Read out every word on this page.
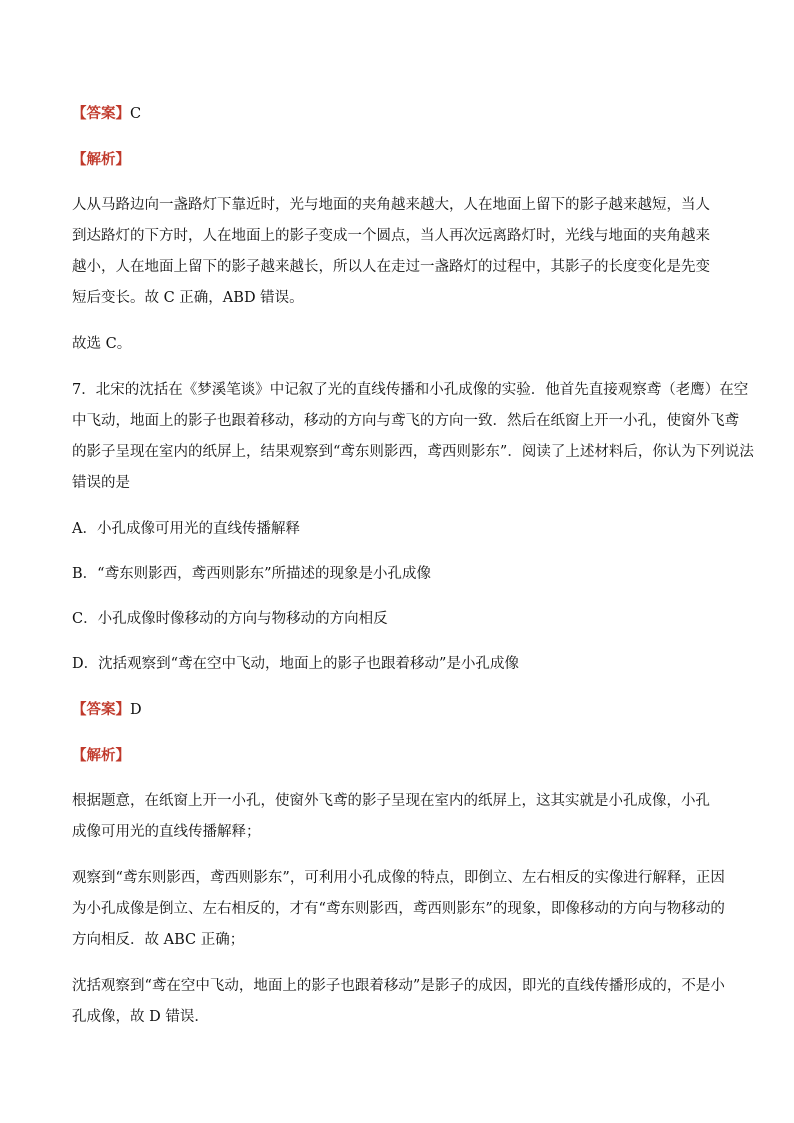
【答案】C

【解析】

人从马路边向一盏路灯下靠近时，光与地面的夹角越来越大，人在地面上留下的影子越来越短，当人
到达路灯的下方时，人在地面上的影子变成一个圆点，当人再次远离路灯时，光线与地面的夹角越来
越小，人在地面上留下的影子越来越长，所以人在走过一盏路灯的过程中，其影子的长度变化是先变
短后变长。故 C 正确，ABD 错误。

故选 C。

7．北宋的沈括在《梦溪笔谈》中记叙了光的直线传播和小孔成像的实验．他首先直接观察鸢（老鹰）在空
中飞动，地面上的影子也跟着移动，移动的方向与鸢飞的方向一致．然后在纸窗上开一小孔，使窗外飞鸢
的影子呈现在室内的纸屏上，结果观察到“鸢东则影西，鸢西则影东”．阅读了上述材料后，你认为下列说法
错误的是

A．小孔成像可用光的直线传播解释

B．“鸢东则影西，鸢西则影东”所描述的现象是小孔成像

C．小孔成像时像移动的方向与物移动的方向相反

D．沈括观察到“鸢在空中飞动，地面上的影子也跟着移动”是小孔成像

【答案】D

【解析】

根据题意，在纸窗上开一小孔，使窗外飞鸢的影子呈现在室内的纸屏上，这其实就是小孔成像，小孔
成像可用光的直线传播解释；
观察到“鸢东则影西，鸢西则影东”，可利用小孔成像的特点，即倒立、左右相反的实像进行解释，正因
为小孔成像是倒立、左右相反的，才有“鸢东则影西，鸢西则影东”的现象，即像移动的方向与物移动的
方向相反．故 ABC 正确；
沈括观察到“鸢在空中飞动，地面上的影子也跟着移动”是影子的成因，即光的直线传播形成的，不是小
孔成像，故 D 错误．
